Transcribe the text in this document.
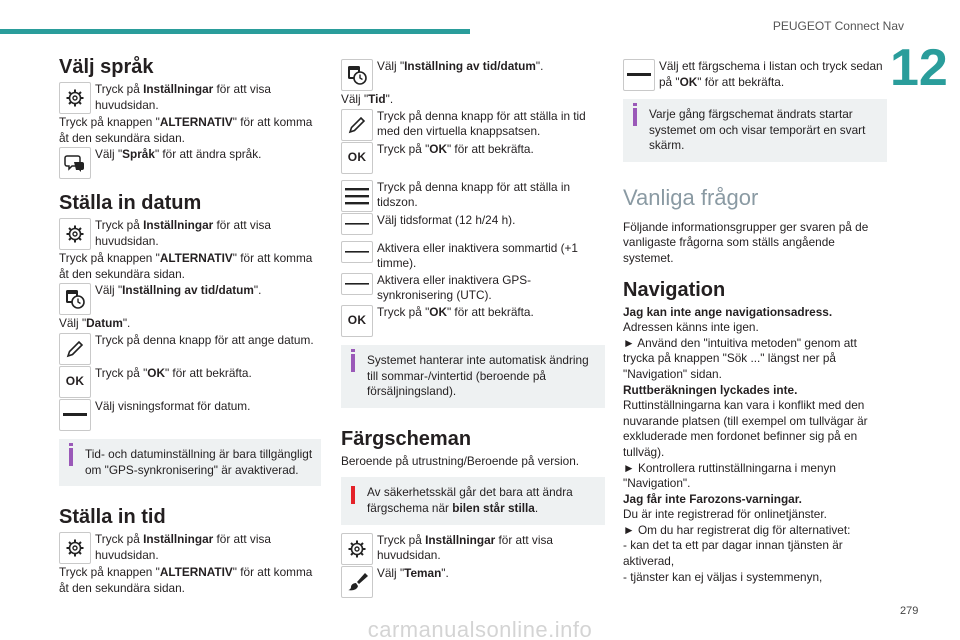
PEUGEOT Connect Nav
12
Välj språk
Tryck på Inställningar för att visa huvudsidan.

Tryck på knappen "ALTERNATIV" för att komma åt den sekundära sidan.

Välj "Språk" för att ändra språk.
Ställa in datum
Tryck på Inställningar för att visa huvudsidan.

Tryck på knappen "ALTERNATIV" för att komma åt den sekundära sidan.

Välj "Inställning av tid/datum".

Välj "Datum".

Tryck på denna knapp för att ange datum.
OK
Tryck på "OK" för att bekräfta.
Välj visningsformat för datum.
Tid- och datuminställning är bara tillgängligt om "GPS-synkronisering" är avaktiverad.
Ställa in tid
Tryck på Inställningar för att visa huvudsidan.

Tryck på knappen "ALTERNATIV" för att komma åt den sekundära sidan.

Välj "Inställning av tid/datum".

Välj "Tid".

Tryck på denna knapp för att ställa in tid med den virtuella knappsatsen.
OK
Tryck på "OK" för att bekräfta.
Tryck på denna knapp för att ställa in tidszon.
Välj tidsformat (12 h/24 h).
Aktivera eller inaktivera sommartid (+1 timme).
Aktivera eller inaktivera GPS-synkronisering (UTC).
OK
Tryck på "OK" för att bekräfta.
Systemet hanterar inte automatisk ändring till sommar-/vintertid (beroende på försäljningsland).
Färgscheman

Beroende på utrustning/Beroende på version.

Av säkerhetsskäl går det bara att ändra färgschema när bilen står stilla.
Tryck på Inställningar för att visa huvudsidan.
Välj "Teman".
Välj ett färgschema i listan och tryck sedan på "OK" för att bekräfta.
Varje gång färgschemat ändrats startar systemet om och visar temporärt en svart skärm.
Vanliga frågor

Följande informationsgrupper ger svaren på de vanligaste frågorna som ställs angående systemet.

Navigation

Jag kan inte ange navigationsadress.

Adressen känns inte igen.

► Använd den "intuitiva metoden" genom att trycka på knappen "Sök ..." längst ner på "Navigation" sidan.

Ruttberäkningen lyckades inte.

Ruttinställningarna kan vara i konflikt med den nuvarande platsen (till exempel om tullvägar är exkluderade men fordonet befinner sig på en tullväg).

► Kontrollera ruttinställningarna i menyn "Navigation".

Jag får inte Farozons-varningar.

Du är inte registrerad för onlinetjänster.

► Om du har registrerat dig för alternativet:

- kan det ta ett par dagar innan tjänsten är aktiverad,

- tjänster kan ej väljas i systemmenyn,

279
carmanualsonline.info
